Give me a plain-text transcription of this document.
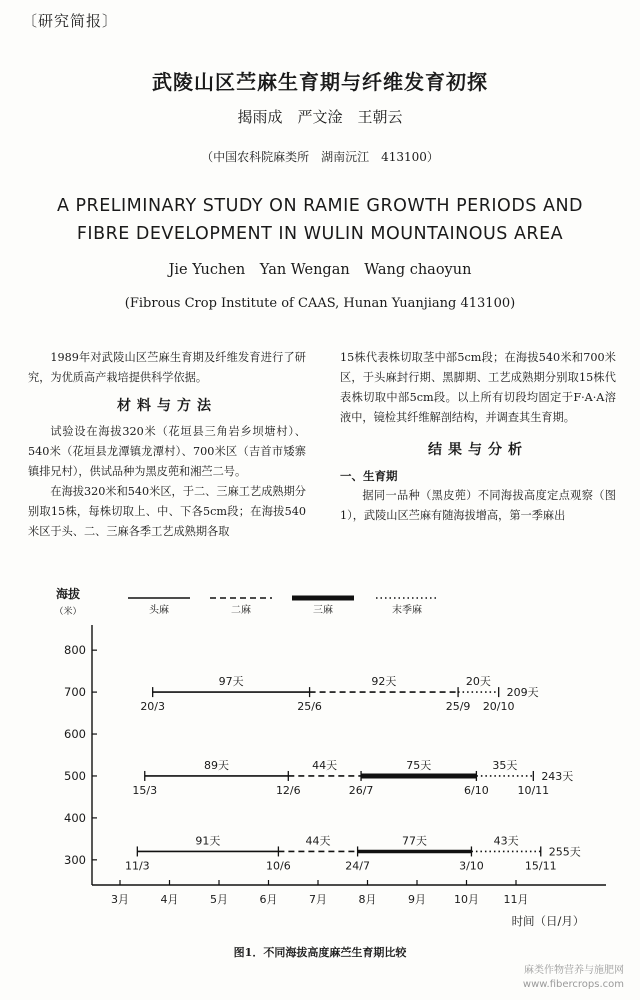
〔研究简报〕
武陵山区苎麻生育期与纤维发育初探
揭雨成　严文淦　王朝云
（中国农科院麻类所　湖南沅江　413100）
A PRELIMINARY STUDY ON RAMIE GROWTH PERIODS AND
FIBRE DEVELOPMENT IN WULIN MOUNTAINOUS AREA
Jie Yuchen　Yan Wengan　Wang chaoyun
(Fibrous Crop Institute of CAAS, Hunan Yuanjiang 413100)

1989年对武陵山区苎麻生育期及纤维发育进行了研究，为优质高产栽培提供科学依据。

材料与方法

试验设在海拔320米（花垣县三角岩乡坝塘村）、540米（花垣县龙潭镇龙潭村）、700米区（吉首市矮寨镇排兄村），供试品种为黑皮蔸和湘苎二号。

在海拔320米和540米区，于二、三麻工艺成熟期分别取15株，每株切取上、中、下各5cm段；在海拔540米区于头、二、三麻各季工艺成熟期各取

15株代表株切取茎中部5cm段；在海拔540米和700米区，于头麻封行期、黑脚期、工艺成熟期分别取15株代表株切取中部5cm段。以上所有切段均固定于F·A·A溶液中，镜检其纤维解剖结构，并调查其生育期。

结果与分析

一、生育期

据同一品种（黑皮蔸）不同海拔高度定点观察（图1），武陵山区苎麻有随海拔增高，第一季麻出

海拔
（米）	头麻	二麻	三麻	末季麻
300
400
500
600
700
800
3月	4月	5月	6月	7月	8月	9月	10月 11月
97天	92天	20天
20/3	25/6	25/9 20/10
209天
89天	44天	75天	35天
15/3	12/6	26/7	6/10	10/11
243天
91天	44天	77天	43天
11/3	10/6	24/7	3/10	15/11
255天
时间（日/月）
图1．不同海拔高度麻苎生育期比较
麻类作物营养与施肥网
www.fibercrops.com
